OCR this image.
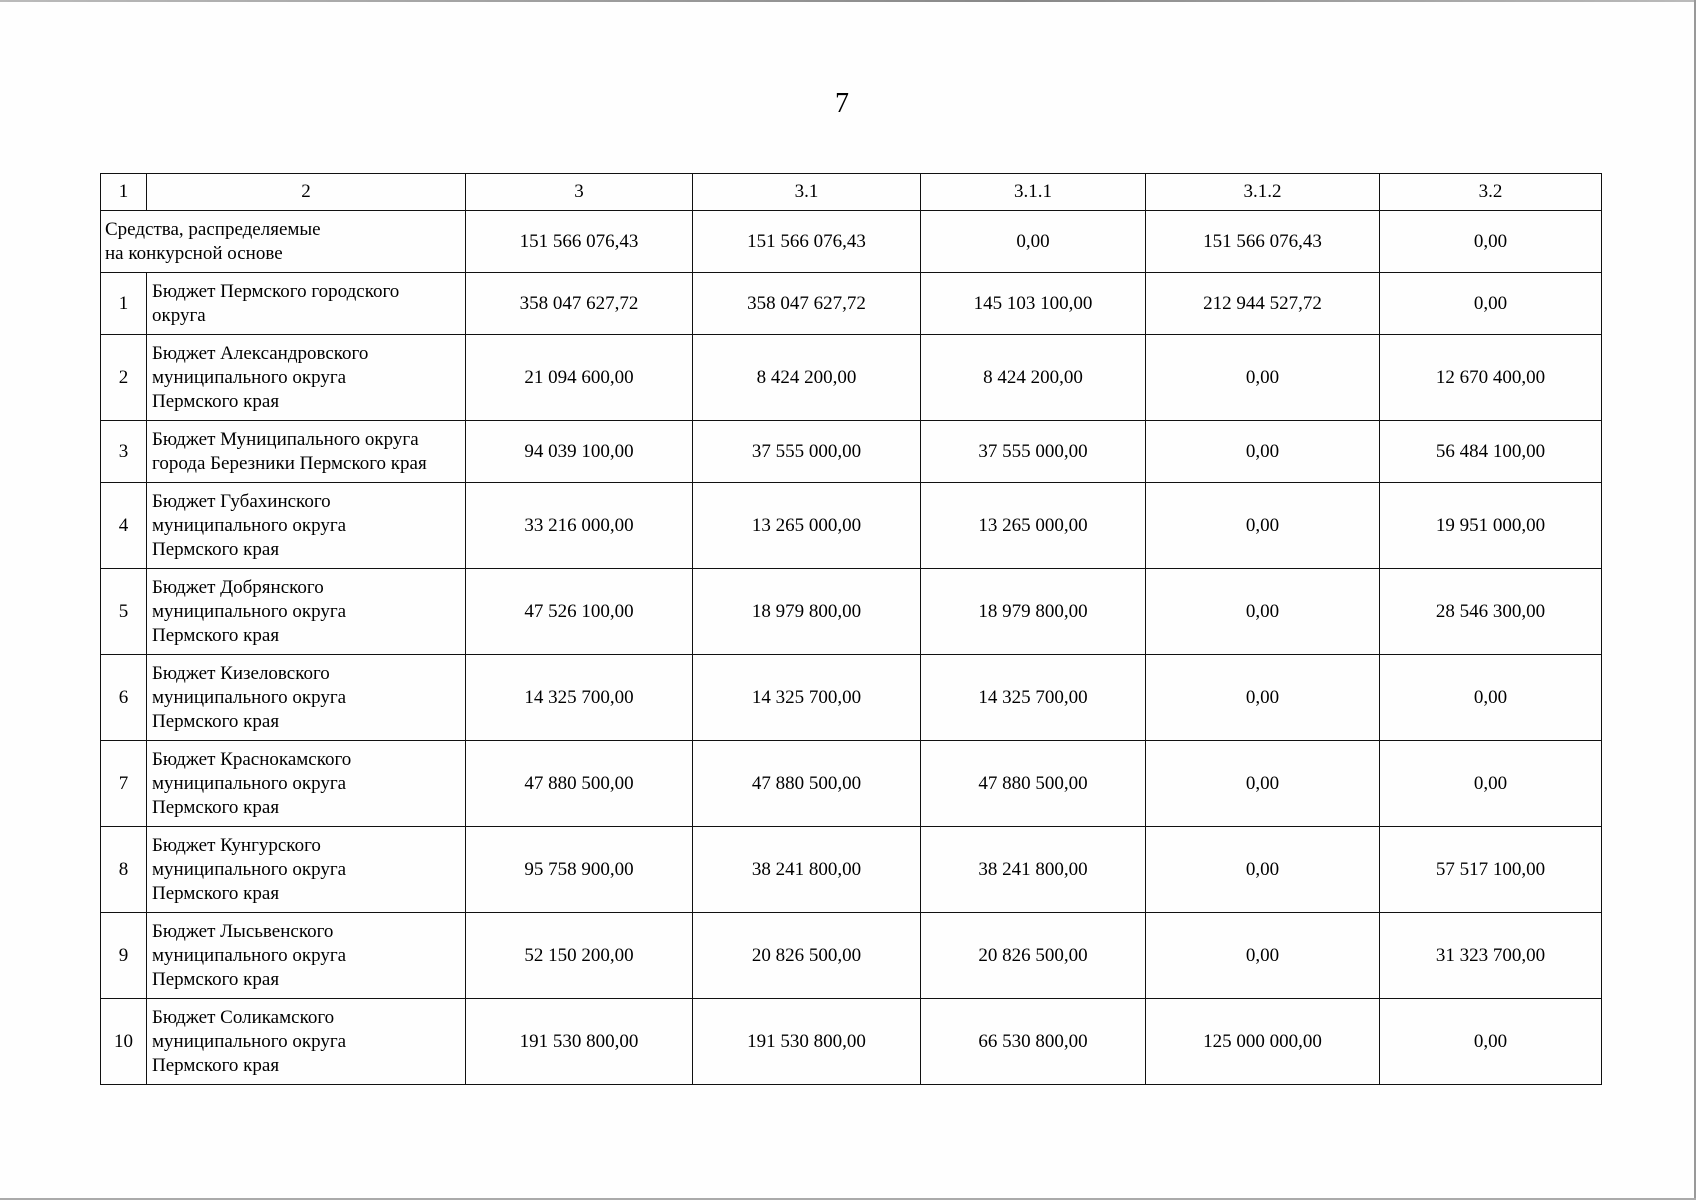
7
1	2	3	3.1	3.1.1	3.1.2	3.2

Средства, распределяемые
на конкурсной основе		151 566 076,43	151 566 076,43	0,00	151 566 076,43	0,00
1	Бюджет Пермского городского
округа	358 047 627,72	358 047 627,72	145 103 100,00	212 944 527,72	0,00
2	Бюджет Александровского
муниципального округа
Пермского края	21 094 600,00	8 424 200,00	8 424 200,00	0,00	12 670 400,00
3	Бюджет Муниципального округа
города Березники Пермского края	94 039 100,00	37 555 000,00	37 555 000,00	0,00	56 484 100,00
4	Бюджет Губахинского
муниципального округа
Пермского края	33 216 000,00	13 265 000,00	13 265 000,00	0,00	19 951 000,00
5	Бюджет Добрянского
муниципального округа
Пермского края	47 526 100,00	18 979 800,00	18 979 800,00	0,00	28 546 300,00
6	Бюджет Кизеловского
муниципального округа
Пермского края	14 325 700,00	14 325 700,00	14 325 700,00	0,00	0,00
7	Бюджет Краснокамского
муниципального округа
Пермского края	47 880 500,00	47 880 500,00	47 880 500,00	0,00	0,00
8	Бюджет Кунгурского
муниципального округа
Пермского края	95 758 900,00	38 241 800,00	38 241 800,00	0,00	57 517 100,00
9	Бюджет Лысьвенского
муниципального округа
Пермского края	52 150 200,00	20 826 500,00	20 826 500,00	0,00	31 323 700,00
10	Бюджет Соликамского
муниципального округа
Пермского края	191 530 800,00	191 530 800,00	66 530 800,00	125 000 000,00	0,00
